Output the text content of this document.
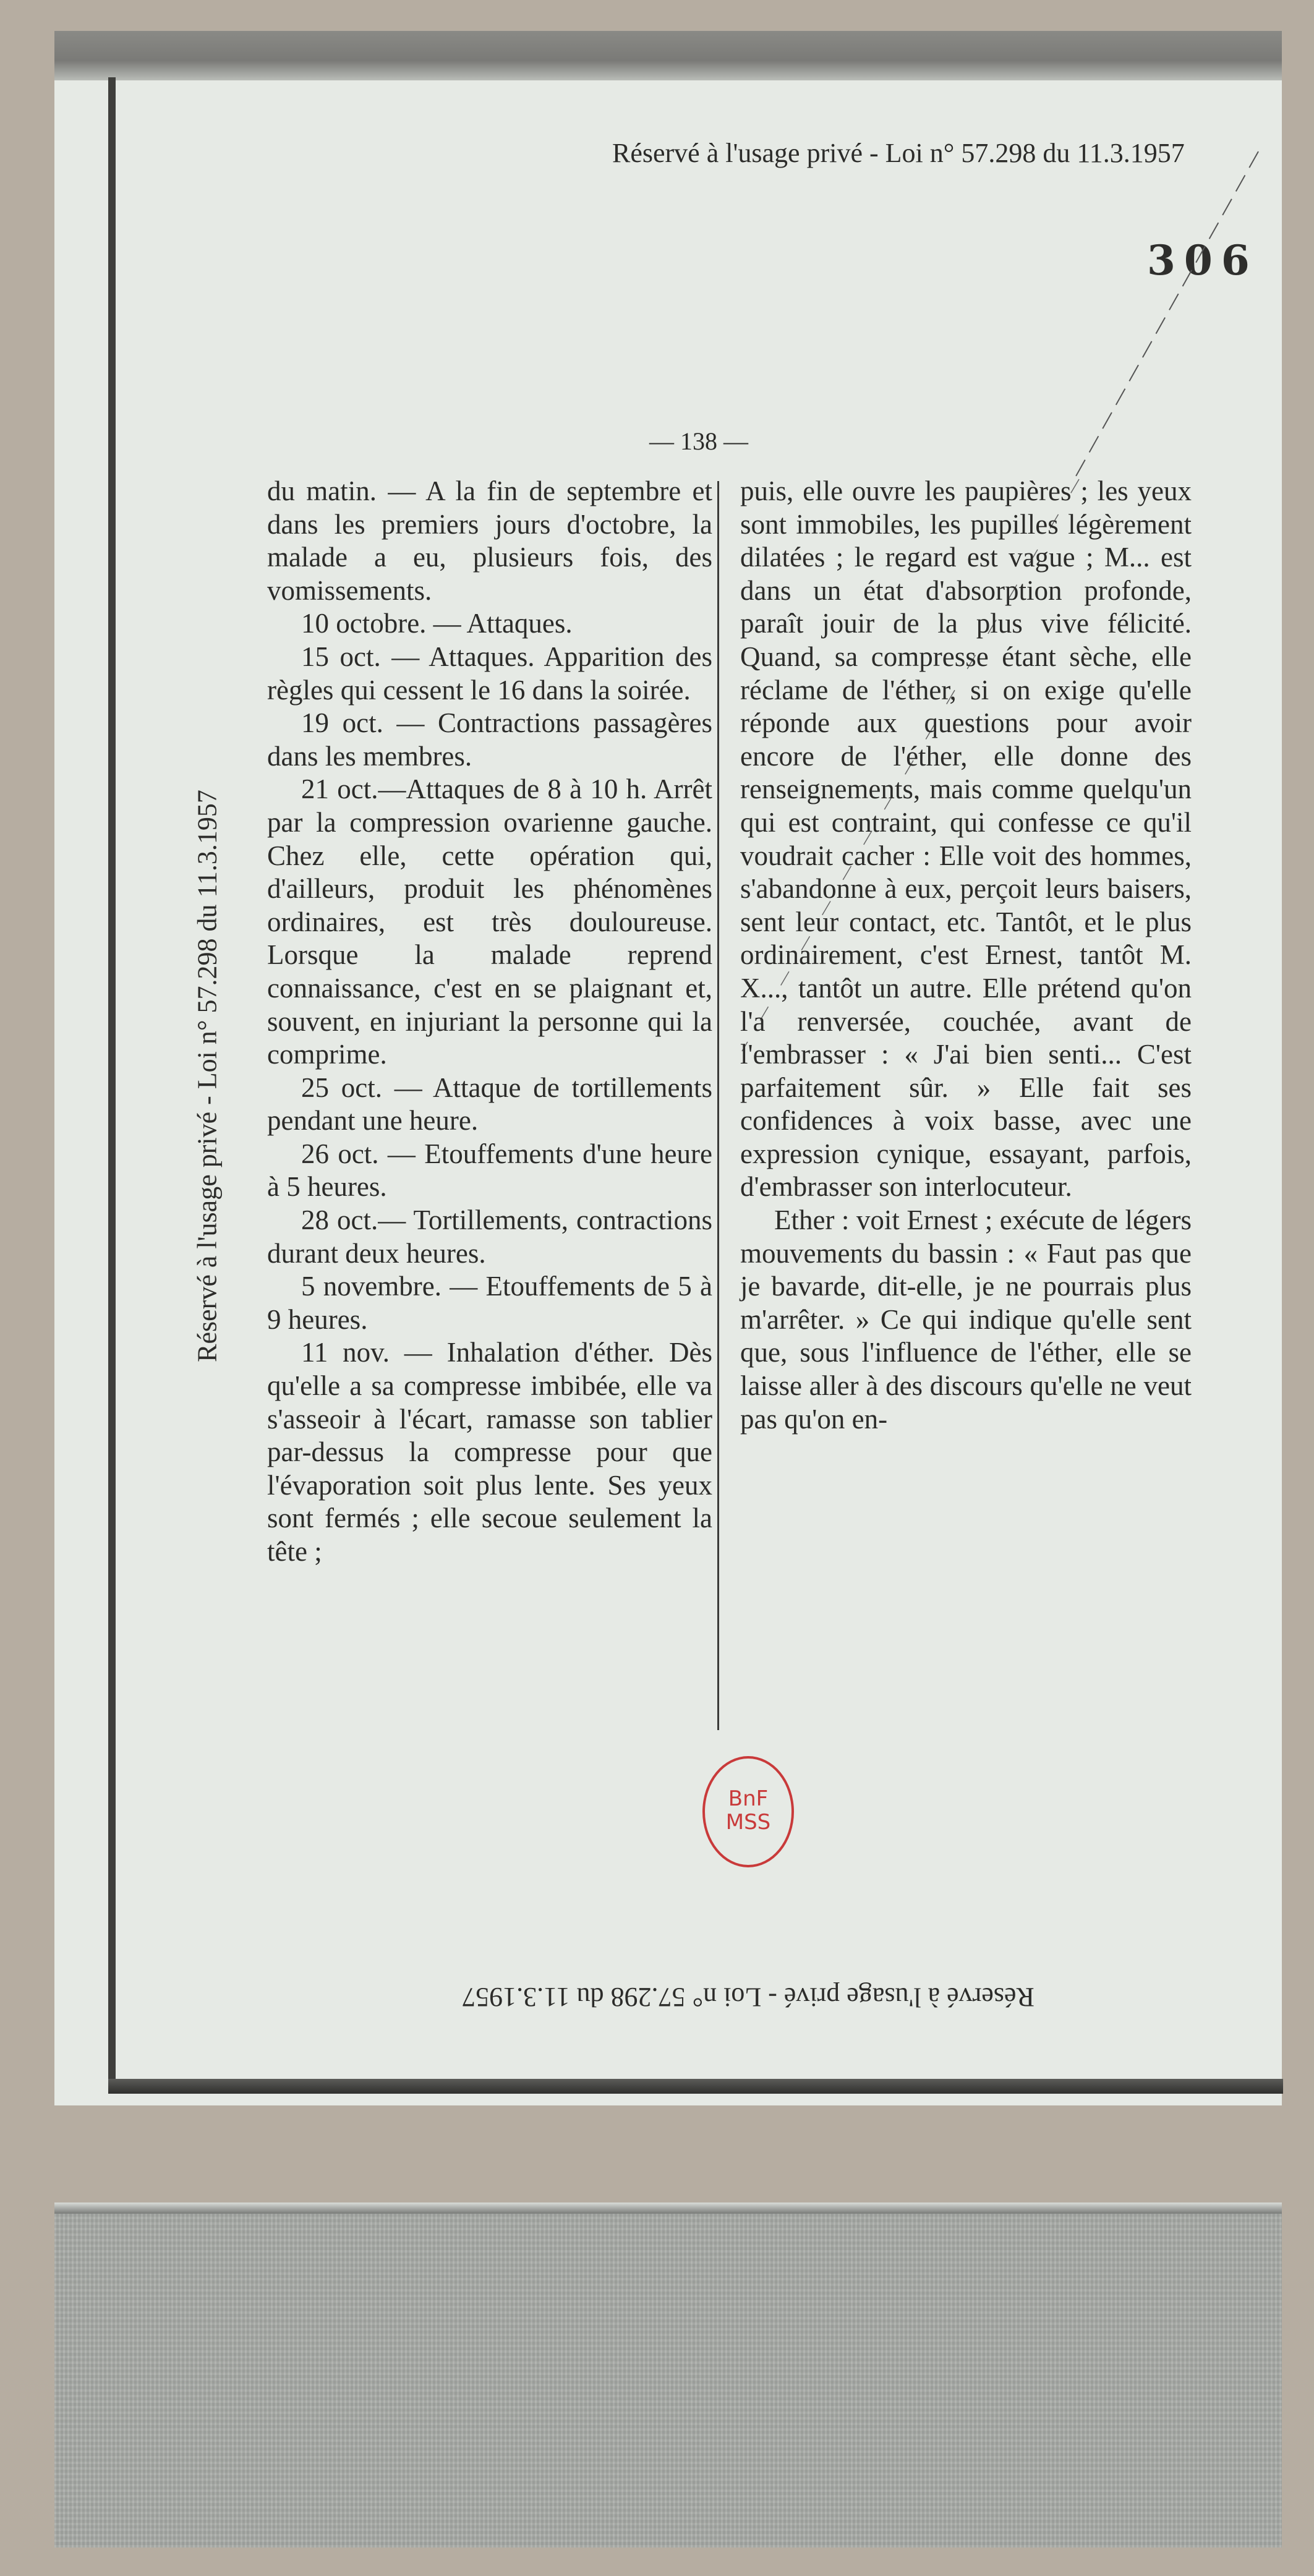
Réservé à l'usage privé - Loi n° 57.298 du 11.3.1957
Réservé à l'usage privé - Loi n° 57.298 du 11.3.1957
Réservé à l'usage privé - Loi n° 57.298 du 11.3.1957
306
— 138 —

du matin. — A la fin de septembre et dans les premiers jours d'octobre, la malade a eu, plusieurs fois, des vomissements.

10 octobre. — Attaques.

15 oct. — Attaques. Apparition des règles qui cessent le 16 dans la soirée.

19 oct. — Contractions passagères dans les membres.

21 oct.—Attaques de 8 à 10 h. Arrêt par la compression ovarienne gauche. Chez elle, cette opération qui, d'ailleurs, produit les phénomènes ordinaires, est très douloureuse. Lorsque la malade reprend connaissance, c'est en se plaignant et, souvent, en injuriant la personne qui la comprime.

25 oct. — Attaque de tortillements pendant une heure.

26 oct. — Etouffements d'une heure à 5 heures.

28 oct.— Tortillements, contractions durant deux heures.

5 novembre. — Etouffements de 5 à 9 heures.

11 nov. — Inhalation d'éther. Dès qu'elle a sa compresse imbibée, elle va s'asseoir à l'écart, ramasse son tablier par-dessus la compresse pour que l'évaporation soit plus lente. Ses yeux sont fermés ; elle secoue seulement la tête ;

puis, elle ouvre les paupières ; les yeux sont immobiles, les pupilles légèrement dilatées ; le regard est vague ; M... est dans un état d'absorption profonde, paraît jouir de la plus vive félicité. Quand, sa compresse étant sèche, elle réclame de l'éther, si on exige qu'elle réponde aux questions pour avoir encore de l'éther, elle donne des renseignements, mais comme quelqu'un qui est contraint, qui confesse ce qu'il voudrait cacher : Elle voit des hommes, s'abandonne à eux, perçoit leurs baisers, sent leur contact, etc. Tantôt, et le plus ordinairement, c'est Ernest, tantôt M. X..., tantôt un autre. Elle prétend qu'on l'a renversée, couchée, avant de l'embrasser : « J'ai bien senti... C'est parfaitement sûr. » Elle fait ses confidences à voix basse, avec une expression cynique, essayant, parfois, d'embrasser son interlocuteur.

Ether : voit Ernest ; exécute de légers mouvements du bassin : « Faut pas que je bavarde, dit-elle, je ne pourrais plus m'arrêter. » Ce qui indique qu'elle sent que, sous l'influence de l'éther, elle se laisse aller à des discours qu'elle ne veut pas qu'on en-

BnF
MSS
